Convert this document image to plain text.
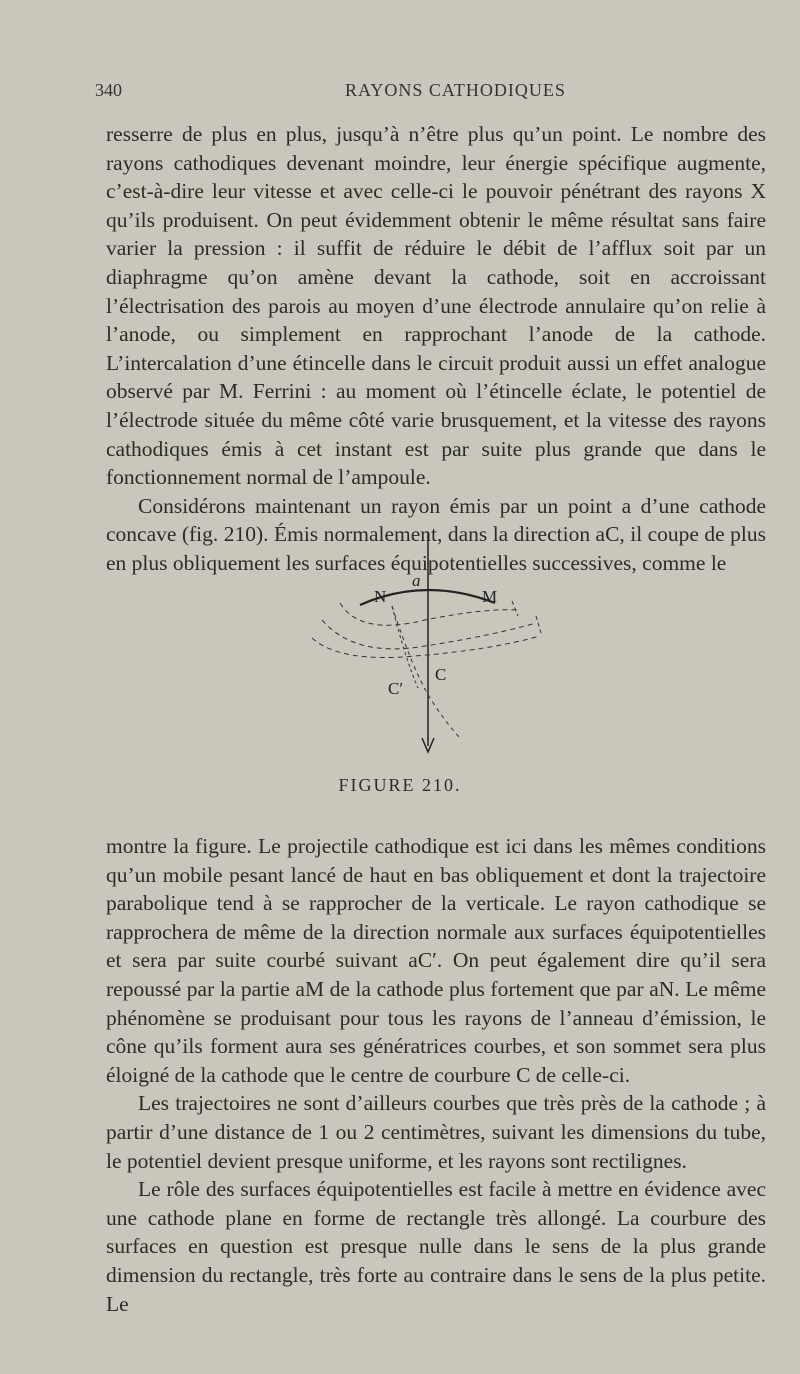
340	RAYONS CATHODIQUES

resserre de plus en plus, jusqu’à n’être plus qu’un point. Le nombre des rayons cathodiques devenant moindre, leur énergie spécifique augmente, c’est-à-dire leur vitesse et avec celle-ci le pouvoir pénétrant des rayons X qu’ils produisent. On peut évidemment obtenir le même résultat sans faire varier la pression : il suffit de réduire le débit de l’afflux soit par un diaphragme qu’on amène devant la cathode, soit en accroissant l’électrisation des parois au moyen d’une électrode annulaire qu’on relie à l’anode, ou simplement en rapprochant l’anode de la cathode. L’intercalation d’une étincelle dans le circuit produit aussi un effet analogue observé par M. Ferrini : au moment où l’étincelle éclate, le potentiel de l’électrode située du même côté varie brusquement, et la vitesse des rayons cathodiques émis à cet instant est par suite plus grande que dans le fonctionnement normal de l’ampoule.

Considérons maintenant un rayon émis par un point a d’une cathode concave (fig. 210). Émis normalement, dans la direction aC, il coupe de plus en plus obliquement les surfaces équipotentielles successives, comme le

a
N	M
C
C′
FIGURE 210.

montre la figure. Le projectile cathodique est ici dans les mêmes conditions qu’un mobile pesant lancé de haut en bas obliquement et dont la trajectoire parabolique tend à se rapprocher de la verticale. Le rayon cathodique se rapprochera de même de la direction normale aux surfaces équipotentielles et sera par suite courbé suivant aC′. On peut également dire qu’il sera repoussé par la partie aM de la cathode plus fortement que par aN. Le même phénomène se produisant pour tous les rayons de l’anneau d’émission, le cône qu’ils forment aura ses génératrices courbes, et son sommet sera plus éloigné de la cathode que le centre de courbure C de celle-ci.

Les trajectoires ne sont d’ailleurs courbes que très près de la cathode ; à partir d’une distance de 1 ou 2 centimètres, suivant les dimensions du tube, le potentiel devient presque uniforme, et les rayons sont rectilignes.

Le rôle des surfaces équipotentielles est facile à mettre en évidence avec une cathode plane en forme de rectangle très allongé. La courbure des surfaces en question est presque nulle dans le sens de la plus grande dimension du rectangle, très forte au contraire dans le sens de la plus petite. Le
